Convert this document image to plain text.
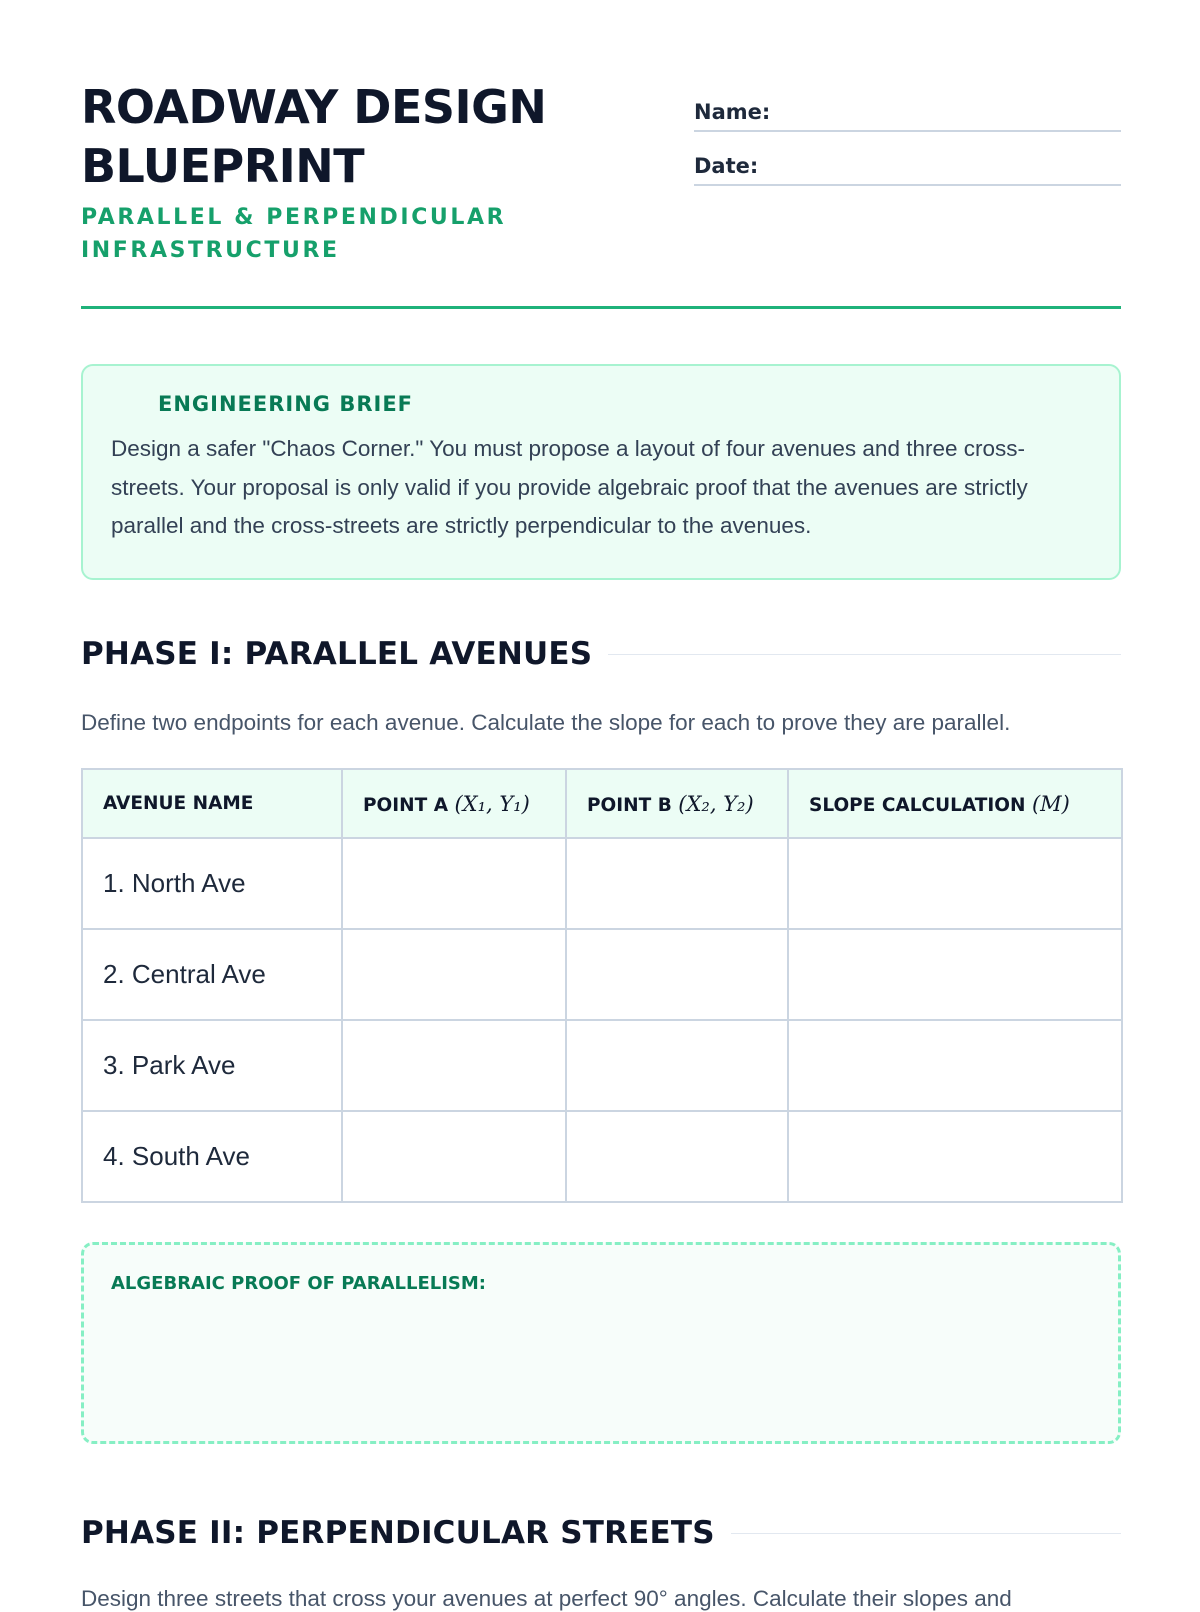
ROADWAY DESIGN
BLUEPRINT
PARALLEL & PERPENDICULAR
INFRASTRUCTURE
Name:
Date:
ENGINEERING BRIEF
Design a safer "Chaos Corner." You must propose a layout of four avenues and three cross-streets. Your proposal is only valid if you provide algebraic proof that the avenues are strictly parallel and the cross-streets are strictly perpendicular to the avenues.
PHASE I: PARALLEL AVENUES
Define two endpoints for each avenue. Calculate the slope for each to prove they are parallel.
AVENUE NAME	POINT A (X₁, Y₁)	POINT B (X₂, Y₂)	SLOPE CALCULATION (M)
1. North Ave			
2. Central Ave			
3. Park Ave			
4. South Ave			
ALGEBRAIC PROOF OF PARALLELISM:
PHASE II: PERPENDICULAR STREETS
Design three streets that cross your avenues at perfect 90° angles. Calculate their slopes and
